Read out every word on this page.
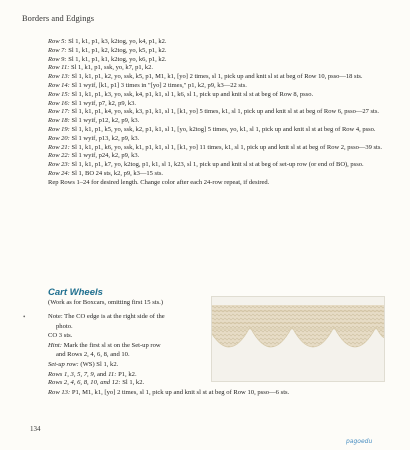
Borders and Edgings

Row 5: Sl 1, k1, p1, k3, k2tog, yo, k4, p1, k2.

Row 7: Sl 1, k1, p1, k2, k2tog, yo, k5, p1, k2.

Row 9: Sl 1, k1, p1, k1, k2tog, yo, k6, p1, k2.

Row 11: Sl 1, k1, p1, ssk, yo, k7, p1, k2.

Row 13: Sl 1, k1, p1, k2, yo, ssk, k5, p1, M1, k1, [yo] 2 times, sl 1, pick up and knit sl st at beg of Row 10, psso—18 sts.

Row 14: Sl 1 wyif, [k1, p1] 3 times in "[yo] 2 times," p1, k2, p9, k3—22 sts.

Row 15: Sl 1, k1, p1, k3, yo, ssk, k4, p1, k1, sl 1, k6, sl 1, pick up and knit sl st at beg of Row 8, psso.

Row 16: Sl 1 wyif, p7, k2, p9, k3.

Row 17: Sl 1, k1, p1, k4, yo, ssk, k3, p1, k1, sl 1, [k1, yo] 5 times, k1, sl 1, pick up and knit sl st at beg of Row 6, psso—27 sts.

Row 18: Sl 1 wyif, p12, k2, p9, k3.

Row 19: Sl 1, k1, p1, k5, yo, ssk, k2, p1, k1, sl 1, [yo, k2tog] 5 times, yo, k1, sl 1, pick up and knit sl st at beg of Row 4, psso.

Row 20: Sl 1 wyif, p13, k2, p9, k3.

Row 21: Sl 1, k1, p1, k6, yo, ssk, k1, p1, k1, sl 1, [k1, yo] 11 times, k1, sl 1, pick up and knit sl st at beg of Row 2, psso—39 sts.

Row 22: Sl 1 wyif, p24, k2, p9, k3.

Row 23: Sl 1, k1, p1, k7, yo, k2tog, p1, k1, sl 1, k23, sl 1, pick up and knit sl st at beg of set-up row (or end of BO), psso.

Row 24: Sl 1, BO 24 sts, k2, p9, k3—15 sts.

Rep Rows 1–24 for desired length. Change color after each 24-row repeat, if desired.

Cart Wheels
(Work as for Boxcars, omitting first 15 sts.)
•	Note: The CO edge is at the right side of the

photo.

CO 3 sts.

Hint: Mark the first sl st on the Set-up row

and Rows 2, 4, 6, 8, and 10.

Set-up row: (WS) Sl 1, k2.

Rows 1, 3, 5, 7, 9, and 11: P1, k2.

Rows 2, 4, 6, 8, 10, and 12: Sl 1, k2.

Row 13: P1, M1, k1, [yo] 2 times, sl 1, pick up and knit sl st at beg of Row 10, psso—6 sts.

134
pagoedu
